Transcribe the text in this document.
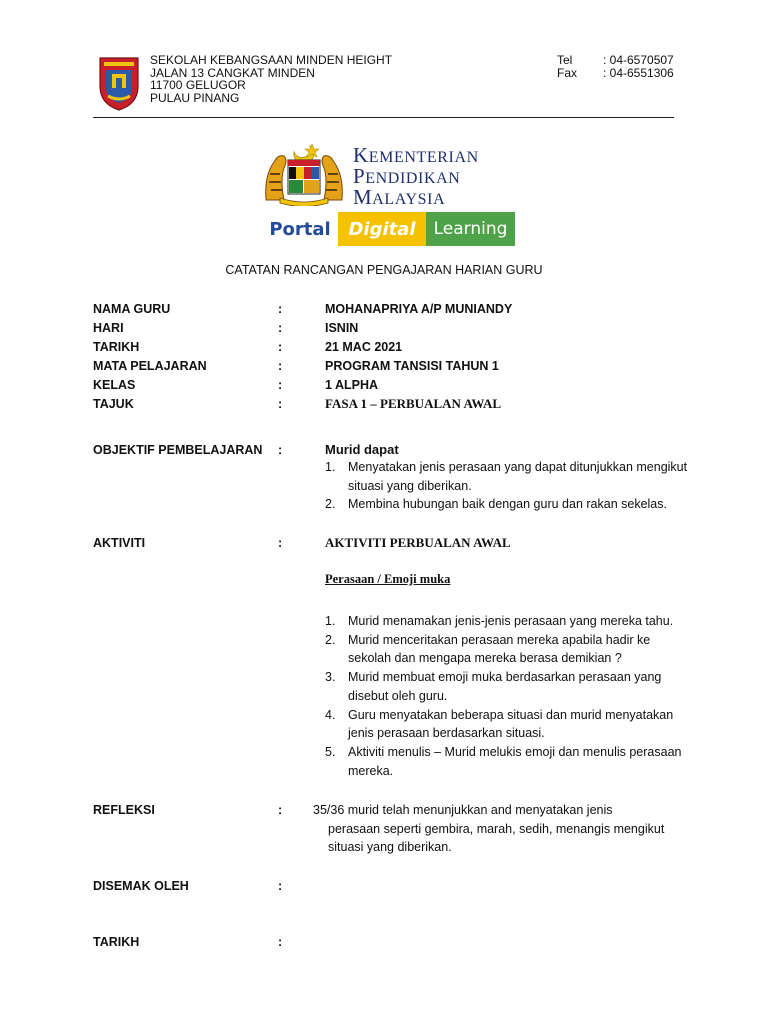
SEKOLAH KEBANGSAAN MINDEN HEIGHT
JALAN 13 CANGKAT MINDEN
11700 GELUGOR
PULAU PINANG
Tel	: 04-6570507
Fax	: 04-6551306
KEMENTERIAN
PENDIDIKAN
MALAYSIA
Portal Digital	Learning
CATATAN RANCANGAN PENGAJARAN HARIAN GURU
NAMA GURU	:	MOHANAPRIYA A/P MUNIANDY
HARI	:	ISNIN
TARIKH	:	21 MAC 2021
MATA PELAJARAN	:	PROGRAM TANSISI TAHUN 1
KELAS	:	1 ALPHA
TAJUK	:	FASA 1 – PERBUALAN AWAL
OBJEKTIF PEMBELAJARAN :	Murid dapat
1.	Menyatakan jenis perasaan yang dapat ditunjukkan mengikut situasi yang diberikan.
2.	Membina hubungan baik dengan guru dan rakan sekelas.
AKTIVITI	:	AKTIVITI PERBUALAN AWAL
Perasaan / Emoji muka
1.	Murid menamakan jenis-jenis perasaan yang mereka tahu.
2.	Murid menceritakan perasaan mereka apabila hadir ke sekolah dan mengapa mereka berasa demikian ?
3.	Murid membuat emoji muka berdasarkan perasaan yang disebut oleh guru.
4.	Guru menyatakan beberapa situasi dan murid menyatakan jenis perasaan berdasarkan situasi.
5.	Aktiviti menulis – Murid melukis emoji dan menulis perasaan mereka.
REFLEKSI	: 35/36 murid telah menunjukkan and menyatakan jenis
perasaan seperti gembira, marah, sedih, menangis mengikut
situasi yang diberikan.
DISEMAK OLEH	:
TARIKH	:
